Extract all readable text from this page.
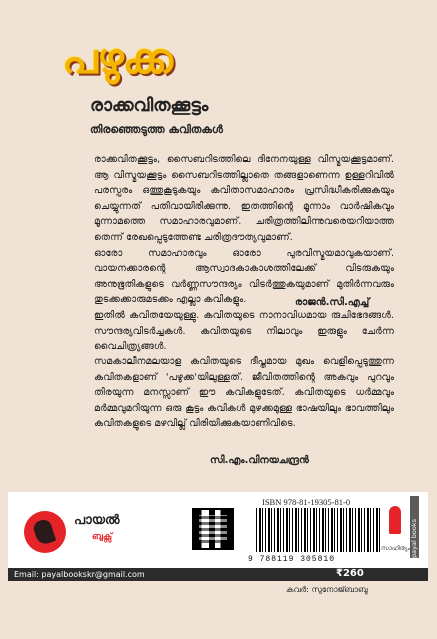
പഴുക്ക
രാക്കവിതക്കൂട്ടം
തിരഞ്ഞെടുത്ത കവിതകൾ

രാക്കവിതക്കൂട്ടം, സൈബറിടത്തിലെ ദിനേനയുള്ള വിസ്മയക്കൂട്ടമാണ്. ആ വിസ്മയക്കൂട്ടം സൈബറിടത്തില്ലാതെ തങ്ങളാണെന്ന ഉള്ളറിവിൽ പരസ്പരം ഒത്തുകൂടുകയും കവിതാസമാഹാരം പ്രസിദ്ധീകരിക്കുകയും ചെയ്യുന്നത് പതിവായിരിക്കുന്നു. ഇതത്തിന്റെ മൂന്നാം വാർഷികവും മൂന്നാമത്തെ സമാഹാരവുമാണ്. ചരിത്രത്തിലിന്നുവരെയറിയാത്ത തെന്ന് രേഖപ്പെടുത്തേണ്ട ചരിത്രദൗത്യവുമാണ്.
ഓരോ സമാഹാരവും ഓരോ പുരവിസ്മയമാവുകയാണ്. വായനക്കാരന്റെ ആസ്വാദകാകാശത്തിലേക്ക് വിടരുകയും അനുഭൂതികളുടെ വർണ്ണസൗന്ദര്യം വിടർത്തുകയുമാണ് മുതിർന്നവരും തുടക്കക്കാരുമടക്കം എല്ലാ കവികളും.
ഇതിൽ കവിതയേയുള്ളു. കവിതയുടെ നാനാവിധമായ രുചിഭേദങ്ങൾ. സൗന്ദര്യവിടർച്ചകൾ. കവിതയുടെ നിലാവും ഇരുളും ചേർന്ന വൈചിത്ര്യങ്ങൾ.

രാജൻ.സി.എച്ച്

സമകാലീനമലയാള കവിതയുടെ ദീപ്തമായ മുഖം വെളിപ്പെടുത്തുന്ന കവിതകളാണ് 'പഴുക്ക'യിലുള്ളത്. ജീവിതത്തിന്റെ അകവും പുറവും തിരയുന്ന മനസ്സാണ് ഈ കവികളുടേത്. കവിതയുടെ ധർമ്മവും മർമ്മവുമറിയുന്ന ഒരു കൂട്ടം കവികൾ മുഴക്കമുള്ള ഭാഷയിലും ഭാവത്തിലും കവിതകളുടെ മഴവില്ല് വിരിയിക്കുകയാണിവിടെ.

സി.എം.വിനയചന്ദ്രൻ
പായൽ
ബുക്സ്
ISBN 978-81-19305-81-0
9 788119 305810
സാഹിത്യം payal books
Email: payalbookskr@gmail.com	₹260
കവർ: സുനോജ്ബാബു
